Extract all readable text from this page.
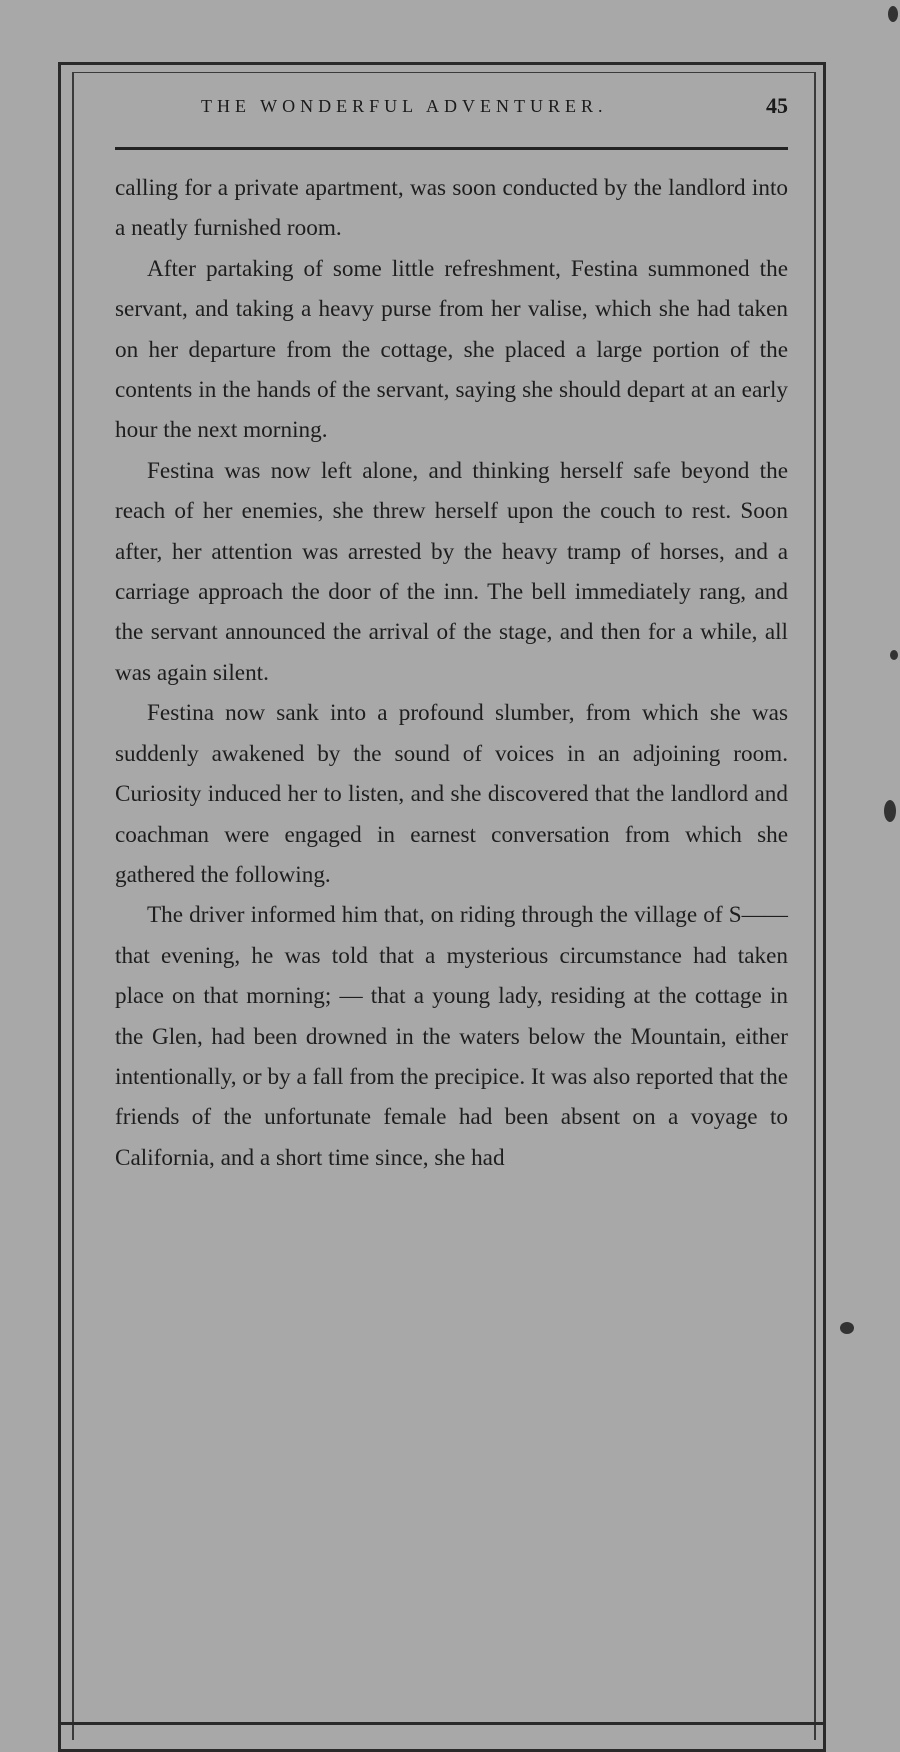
THE WONDERFUL ADVENTURER.	45

calling for a private apartment, was soon conducted by the landlord into a neatly furnished room.

After partaking of some little refreshment, Festina summoned the servant, and taking a heavy purse from her valise, which she had taken on her departure from the cottage, she placed a large portion of the contents in the hands of the servant, saying she should depart at an early hour the next morning.

Festina was now left alone, and thinking herself safe beyond the reach of her enemies, she threw herself upon the couch to rest. Soon after, her attention was arrested by the heavy tramp of horses, and a carriage approach the door of the inn. The bell immediately rang, and the servant announced the arrival of the stage, and then for a while, all was again silent.

Festina now sank into a profound slumber, from which she was suddenly awakened by the sound of voices in an adjoining room. Curiosity induced her to listen, and she discovered that the landlord and coachman were engaged in earnest conversation from which she gathered the following.

The driver informed him that, on riding through the village of S—— that evening, he was told that a mysterious circumstance had taken place on that morning; — that a young lady, residing at the cottage in the Glen, had been drowned in the waters below the Mountain, either intentionally, or by a fall from the precipice. It was also reported that the friends of the unfortunate female had been absent on a voyage to California, and a short time since, she had
